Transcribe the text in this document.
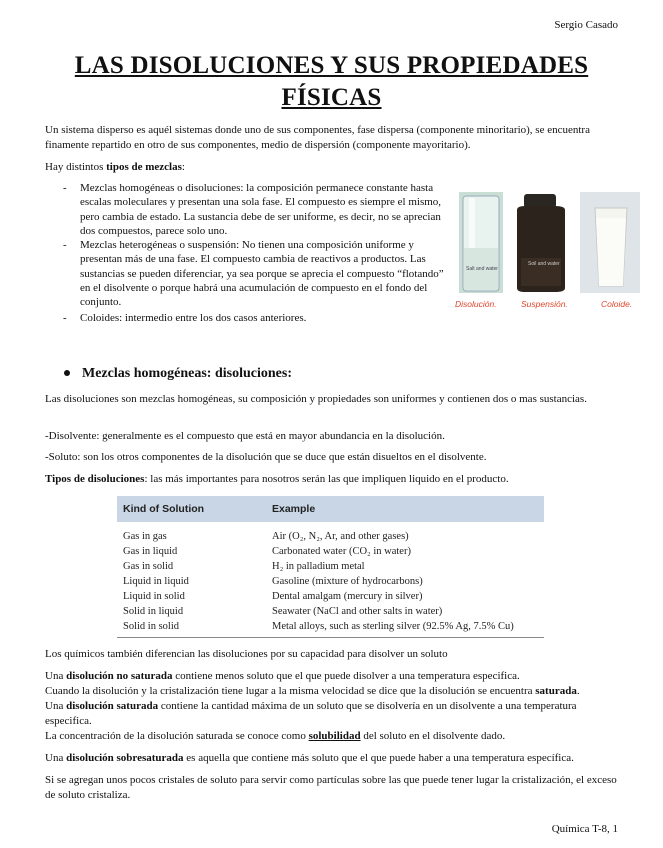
Sergio Casado
LAS DISOLUCIONES Y SUS PROPIEDADES
FÍSICAS

Un sistema disperso es aquél sistemas donde uno de sus componentes, fase dispersa (componente minoritario), se encuentra finamente repartido en otro de sus componentes, medio de dispersión (componente mayoritario).

Hay distintos tipos de mezclas:

- Mezclas homogéneas o disoluciones: la composición permanece constante hasta escalas moleculares y presentan una sola fase. El compuesto es siempre el mismo, pero cambia de estado. La sustancia debe de ser uniforme, es decir, no se aprecian dos compuestos, parece solo uno.
- Mezclas heterogéneas o suspensión: No tienen una composición uniforme y presentan más de una fase. El compuesto cambia de reactivos a productos. Las sustancias se pueden diferenciar, ya sea porque se aprecia el compuesto “flotando” en el disolvente o porque habrá una acumulación de compuesto en el fondo del conjunto.
- Coloides: intermedio entre los dos casos anteriores.
Salt and water
Soil and water
Disolución.	Suspensión.	Coloide.
Mezclas homogéneas: disoluciones:

Las disoluciones son mezclas homogéneas, su composición y propiedades son uniformes y contienen dos o mas sustancias.

-Disolvente: generalmente es el compuesto que está en mayor abundancia en la disolución.

-Soluto: son los otros componentes de la disolución que se duce que están disueltos en el disolvente.

Tipos de disoluciones: las más importantes para nosotros serán las que impliquen liquido en el producto.

Kind of Solution	Example
Gas in gas	Air (O₂, N₂, Ar, and other gases)
Gas in liquid	Carbonated water (CO₂ in water)
Gas in solid	H₂ in palladium metal
Liquid in liquid	Gasoline (mixture of hydrocarbons)
Liquid in solid	Dental amalgam (mercury in silver)
Solid in liquid	Seawater (NaCl and other salts in water)
Solid in solid	Metal alloys, such as sterling silver (92.5% Ag, 7.5% Cu)

Los químicos también diferencian las disoluciones por su capacidad para disolver un soluto

Una disolución no saturada contiene menos soluto que el que puede disolver a una temperatura especifica.

Cuando la disolución y la cristalización tiene lugar a la misma velocidad se dice que la disolución se encuentra saturada.

Una disolución saturada contiene la cantidad máxima de un soluto que se disolvería en un disolvente a una temperatura especifica.

La concentración de la disolución saturada se conoce como solubilidad del soluto en el disolvente dado.

Una disolución sobresaturada es aquella que contiene más soluto que el que puede haber a una temperatura específica.

Si se agregan unos pocos cristales de soluto para servir como partículas sobre las que puede tener lugar la cristalización, el exceso de soluto cristaliza.

Química T-8, 1
